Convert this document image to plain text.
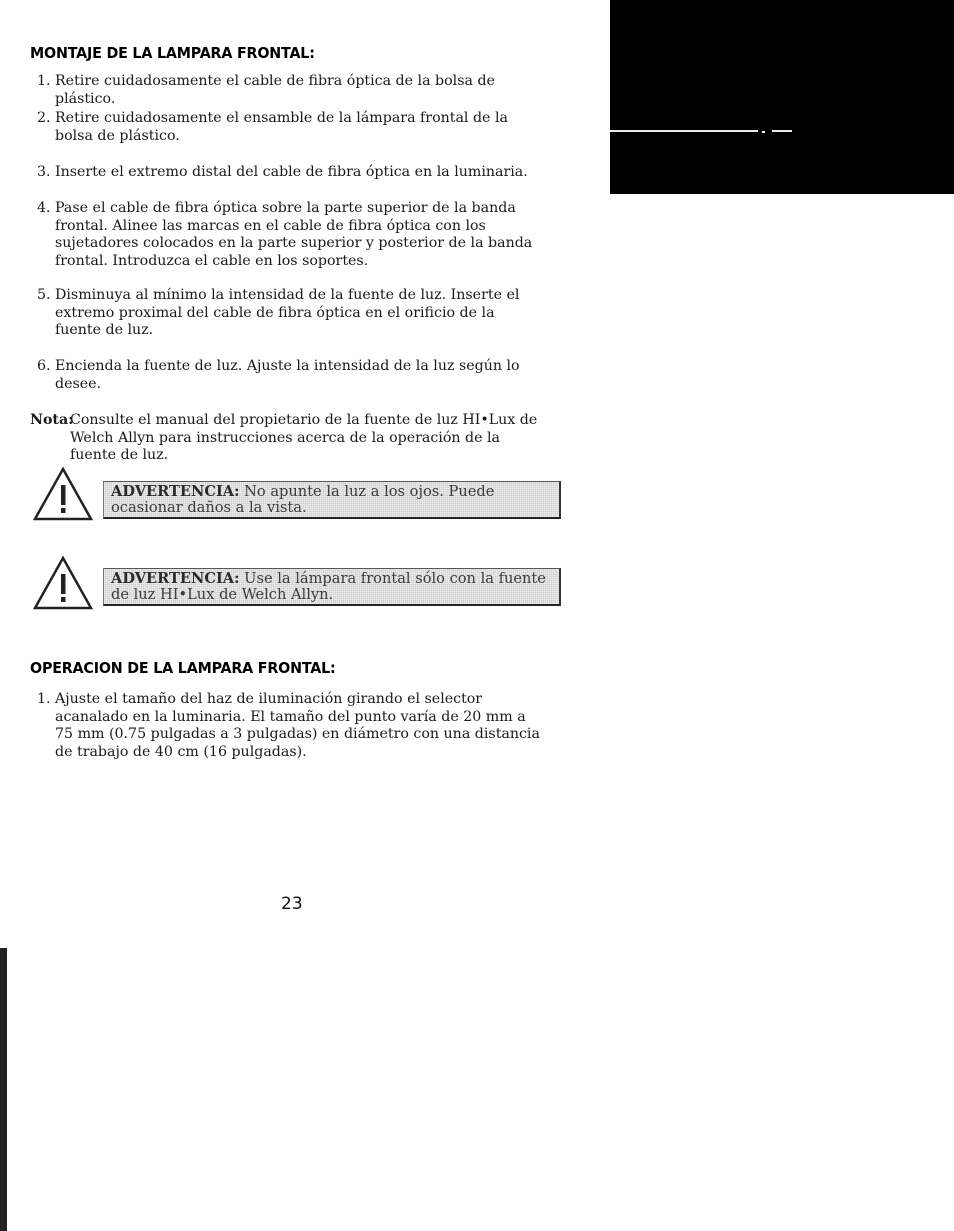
MONTAJE DE LA LAMPARA FRONTAL:
1. Retire cuidadosamente el cable de fibra óptica de la bolsa de plástico.
2. Retire cuidadosamente el ensamble de la lámpara frontal de la bolsa de plástico.
3. Inserte el extremo distal del cable de fibra óptica en la luminaria.
4. Pase el cable de fibra óptica sobre la parte superior de la banda frontal. Alinee las marcas en el cable de fibra óptica con los sujetadores colocados en la parte superior y posterior de la banda frontal. Introduzca el cable en los soportes.
5. Disminuya al mínimo la intensidad de la fuente de luz. Inserte el extremo proximal del cable de fibra óptica en el orificio de la fuente de luz.
6. Encienda la fuente de luz. Ajuste la intensidad de la luz según lo desee.
Nota:
Consulte el manual del propietario de la fuente de luz HI•Lux de Welch Allyn para instrucciones acerca de la operación de la fuente de luz.
ADVERTENCIA: No apunte la luz a los ojos. Puede ocasionar daños a la vista.
ADVERTENCIA: Use la lámpara frontal sólo con la fuente de luz HI•Lux de Welch Allyn.
OPERACION DE LA LAMPARA FRONTAL:
1. Ajuste el tamaño del haz de iluminación girando el selector acanalado en la luminaria. El tamaño del punto varía de 20 mm a 75 mm (0.75 pulgadas a 3 pulgadas) en diámetro con una distancia de trabajo de 40 cm (16 pulgadas).
23
